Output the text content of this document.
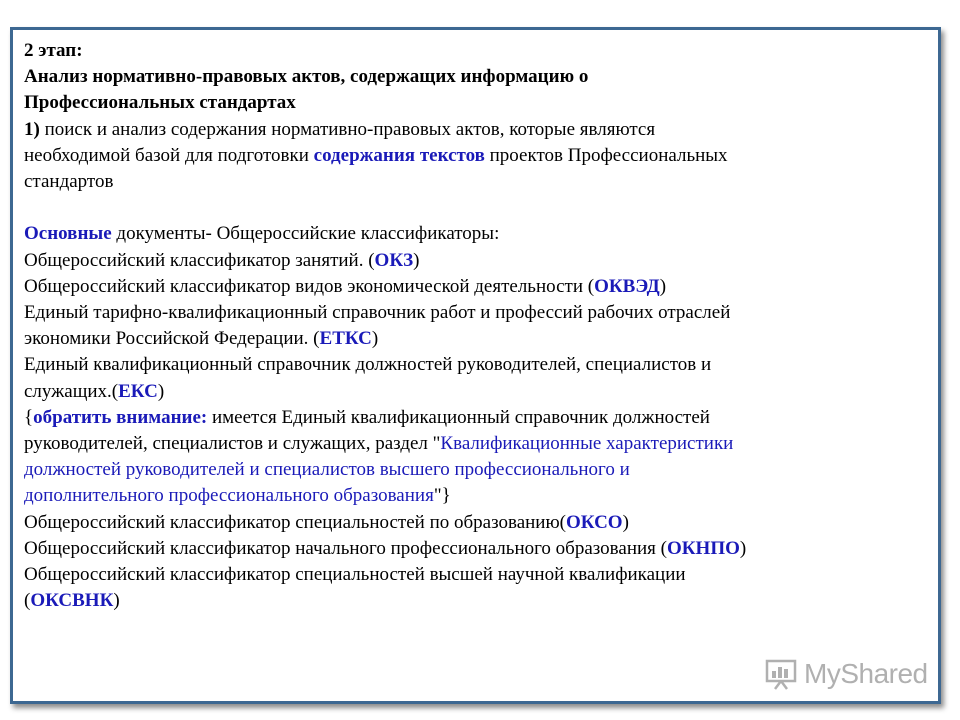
2 этап:
Анализ нормативно-правовых актов, содержащих информацию о
Профессиональных стандартах
1) поиск и анализ содержания нормативно-правовых актов, которые являются
необходимой базой для подготовки содержания текстов проектов Профессиональных
стандартов
Основные документы- Общероссийские классификаторы:
Общероссийский классификатор занятий. (ОКЗ)
Общероссийский классификатор видов экономической деятельности (ОКВЭД)
Единый тарифно-квалификационный справочник работ и профессий рабочих отраслей
экономики Российской Федерации. (ЕТКС)
Единый квалификационный справочник должностей руководителей, специалистов и
служащих.(ЕКС)
{обратить внимание: имеется Единый квалификационный справочник должностей
руководителей, специалистов и служащих, раздел "Квалификационные характеристики
должностей руководителей и специалистов высшего профессионального и
дополнительного профессионального образования"}
Общероссийский классификатор специальностей по образованию(ОКСО)
Общероссийский классификатор начального профессионального образования (ОКНПО)
Общероссийский классификатор специальностей высшей научной квалификации
(ОКСВНК)
MyShared
